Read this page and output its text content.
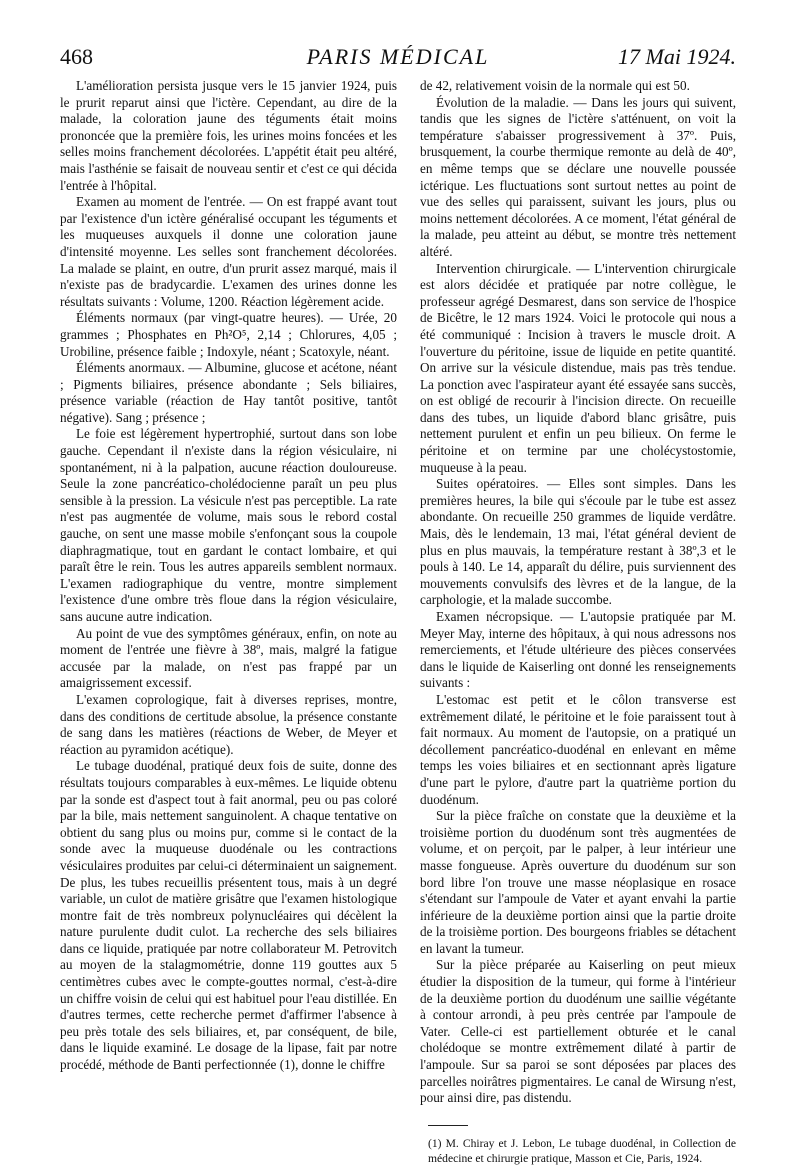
468	PARIS MÉDICAL	17 Mai 1924.

L'amélioration persista jusque vers le 15 janvier 1924, puis le prurit reparut ainsi que l'ictère. Cependant, au dire de la malade, la coloration jaune des téguments était moins prononcée que la première fois, les urines moins foncées et les selles moins franchement décolorées. L'appétit était peu altéré, mais l'asthénie se faisait de nouveau sentir et c'est ce qui décida l'entrée à l'hôpital.

Examen au moment de l'entrée. — On est frappé avant tout par l'existence d'un ictère généralisé occupant les téguments et les muqueuses auxquels il donne une coloration jaune d'intensité moyenne. Les selles sont franchement décolorées. La malade se plaint, en outre, d'un prurit assez marqué, mais il n'existe pas de bradycardie. L'examen des urines donne les résultats suivants : Volume, 1200. Réaction légèrement acide.

Éléments normaux (par vingt-quatre heures). — Urée, 20 grammes ; Phosphates en Ph²O⁵, 2,14 ; Chlorures, 4,05 ; Urobiline, présence faible ; Indoxyle, néant ; Scatoxyle, néant.

Éléments anormaux. — Albumine, glucose et acétone, néant ; Pigments biliaires, présence abondante ; Sels biliaires, présence variable (réaction de Hay tantôt positive, tantôt négative). Sang ; présence ;

Le foie est légèrement hypertrophié, surtout dans son lobe gauche. Cependant il n'existe dans la région vésiculaire, ni spontanément, ni à la palpation, aucune réaction douloureuse. Seule la zone pancréatico-cholédocienne paraît un peu plus sensible à la pression. La vésicule n'est pas perceptible. La rate n'est pas augmentée de volume, mais sous le rebord costal gauche, on sent une masse mobile s'enfonçant sous la coupole diaphragmatique, tout en gardant le contact lombaire, et qui paraît être le rein. Tous les autres appareils semblent normaux. L'examen radiographique du ventre, montre simplement l'existence d'une ombre très floue dans la région vésiculaire, sans aucune autre indication.

Au point de vue des symptômes généraux, enfin, on note au moment de l'entrée une fièvre à 38º, mais, malgré la fatigue accusée par la malade, on n'est pas frappé par un amaigrissement excessif.

L'examen coprologique, fait à diverses reprises, montre, dans des conditions de certitude absolue, la présence constante de sang dans les matières (réactions de Weber, de Meyer et réaction au pyramidon acétique).

Le tubage duodénal, pratiqué deux fois de suite, donne des résultats toujours comparables à eux-mêmes. Le liquide obtenu par la sonde est d'aspect tout à fait anormal, peu ou pas coloré par la bile, mais nettement sanguinolent. A chaque tentative on obtient du sang plus ou moins pur, comme si le contact de la sonde avec la muqueuse duodénale ou les contractions vésiculaires produites par celui-ci déterminaient un saignement. De plus, les tubes recueillis présentent tous, mais à un degré variable, un culot de matière grisâtre que l'examen histologique montre fait de très nombreux polynucléaires qui décèlent la nature purulente dudit culot. La recherche des sels biliaires dans ce liquide, pratiquée par notre collaborateur M. Petrovitch au moyen de la stalagmométrie, donne 119 gouttes aux 5 centimètres cubes avec le compte-gouttes normal, c'est-à-dire un chiffre voisin de celui qui est habituel pour l'eau distillée. En d'autres termes, cette recherche permet d'affirmer l'absence à peu près totale des sels biliaires, et, par conséquent, de bile, dans le liquide examiné. Le dosage de la lipase, fait par notre procédé, méthode de Banti perfectionnée (1), donne le chiffre

de 42, relativement voisin de la normale qui est 50.

Évolution de la maladie. — Dans les jours qui suivent, tandis que les signes de l'ictère s'atténuent, on voit la température s'abaisser progressivement à 37º. Puis, brusquement, la courbe thermique remonte au delà de 40º, en même temps que se déclare une nouvelle poussée ictérique. Les fluctuations sont surtout nettes au point de vue des selles qui paraissent, suivant les jours, plus ou moins nettement décolorées. A ce moment, l'état général de la malade, peu atteint au début, se montre très nettement altéré.

Intervention chirurgicale. — L'intervention chirurgicale est alors décidée et pratiquée par notre collègue, le professeur agrégé Desmarest, dans son service de l'hospice de Bicêtre, le 12 mars 1924. Voici le protocole qui nous a été communiqué : Incision à travers le muscle droit. A l'ouverture du péritoine, issue de liquide en petite quantité. On arrive sur la vésicule distendue, mais pas très tendue. La ponction avec l'aspirateur ayant été essayée sans succès, on est obligé de recourir à l'incision directe. On recueille dans des tubes, un liquide d'abord blanc grisâtre, puis nettement purulent et enfin un peu bilieux. On ferme le péritoine et on termine par une cholécystostomie, muqueuse à la peau.

Suites opératoires. — Elles sont simples. Dans les premières heures, la bile qui s'écoule par le tube est assez abondante. On recueille 250 grammes de liquide verdâtre. Mais, dès le lendemain, 13 mai, l'état général devient de plus en plus mauvais, la température restant à 38º,3 et le pouls à 140. Le 14, apparaît du délire, puis surviennent des mouvements convulsifs des lèvres et de la langue, de la carphologie, et la malade succombe.

Examen nécropsique. — L'autopsie pratiquée par M. Meyer May, interne des hôpitaux, à qui nous adressons nos remerciements, et l'étude ultérieure des pièces conservées dans le liquide de Kaiserling ont donné les renseignements suivants :

L'estomac est petit et le côlon transverse est extrêmement dilaté, le péritoine et le foie paraissent tout à fait normaux. Au moment de l'autopsie, on a pratiqué un décollement pancréatico-duodénal en enlevant en même temps les voies biliaires et en sectionnant après ligature d'une part le pylore, d'autre part la quatrième portion du duodénum.

Sur la pièce fraîche on constate que la deuxième et la troisième portion du duodénum sont très augmentées de volume, et on perçoit, par le palper, à leur intérieur une masse fongueuse. Après ouverture du duodénum sur son bord libre l'on trouve une masse néoplasique en rosace s'étendant sur l'ampoule de Vater et ayant envahi la partie inférieure de la deuxième portion ainsi que la partie droite de la troisième portion. Des bourgeons friables se détachent en lavant la tumeur.

Sur la pièce préparée au Kaiserling on peut mieux étudier la disposition de la tumeur, qui forme à l'intérieur de la deuxième portion du duodénum une saillie végétante à contour arrondi, à peu près centrée par l'ampoule de Vater. Celle-ci est partiellement obturée et le canal cholédoque se montre extrêmement dilaté à partir de l'ampoule. Sur sa paroi se sont déposées par places des parcelles noirâtres pigmentaires. Le canal de Wirsung n'est, pour ainsi dire, pas distendu.

(1) M. Chiray et J. Lebon, Le tubage duodénal, in Collection de médecine et chirurgie pratique, Masson et Cie, Paris, 1924.
